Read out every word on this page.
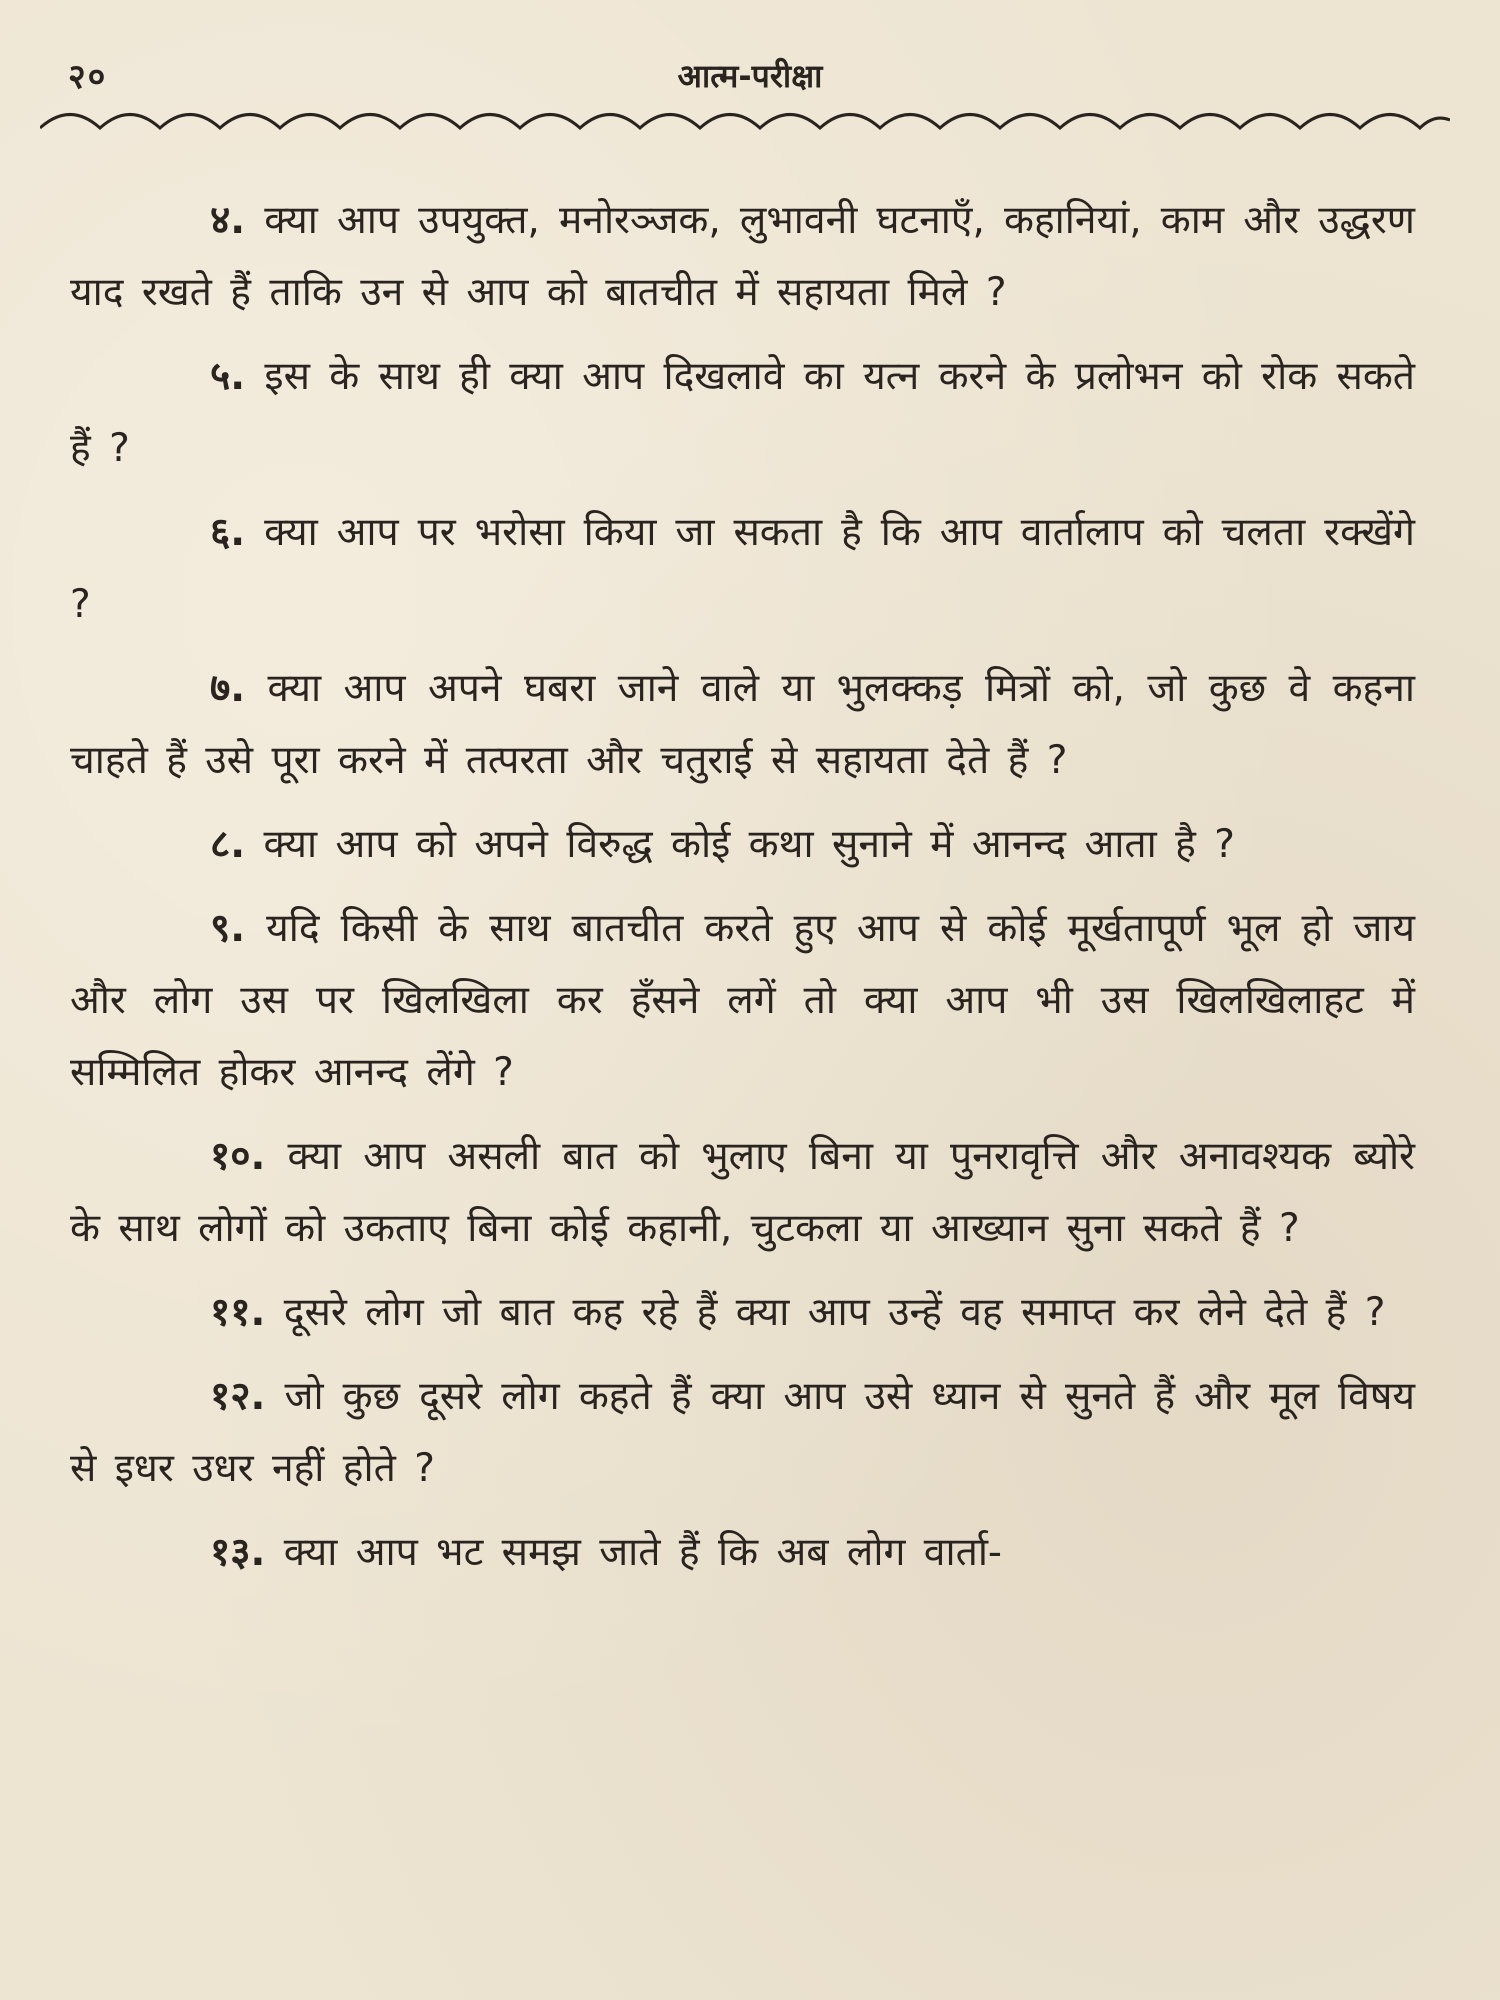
२०	आत्म-परीक्षा

४. क्या आप उपयुक्त, मनोरञ्जक, लुभावनी घटनाएँ, कहानियां, काम और उद्धरण याद रखते हैं ताकि उन से आप को बातचीत में सहायता मिले ?

५. इस के साथ ही क्या आप दिखलावे का यत्न करने के प्रलोभन को रोक सकते हैं ?

६. क्या आप पर भरोसा किया जा सकता है कि आप वार्तालाप को चलता रक्खेंगे ?

७. क्या आप अपने घबरा जाने वाले या भुलक्कड़ मित्रों को, जो कुछ वे कहना चाहते हैं उसे पूरा करने में तत्परता और चतुराई से सहायता देते हैं ?

८. क्या आप को अपने विरुद्ध कोई कथा सुनाने में आनन्द आता है ?

९. यदि किसी के साथ बातचीत करते हुए आप से कोई मूर्खतापूर्ण भूल हो जाय और लोग उस पर खिलखिला कर हँसने लगें तो क्या आप भी उस खिलखिलाहट में सम्मिलित होकर आनन्द लेंगे ?

१०. क्या आप असली बात को भुलाए बिना या पुनरावृत्ति और अनावश्यक ब्योरे के साथ लोगों को उकताए बिना कोई कहानी, चुटकला या आख्यान सुना सकते हैं ?

११. दूसरे लोग जो बात कह रहे हैं क्या आप उन्हें वह समाप्त कर लेने देते हैं ?

१२. जो कुछ दूसरे लोग कहते हैं क्या आप उसे ध्यान से सुनते हैं और मूल विषय से इधर उधर नहीं होते ?

१३. क्या आप भट समझ जाते हैं कि अब लोग वार्ता-
